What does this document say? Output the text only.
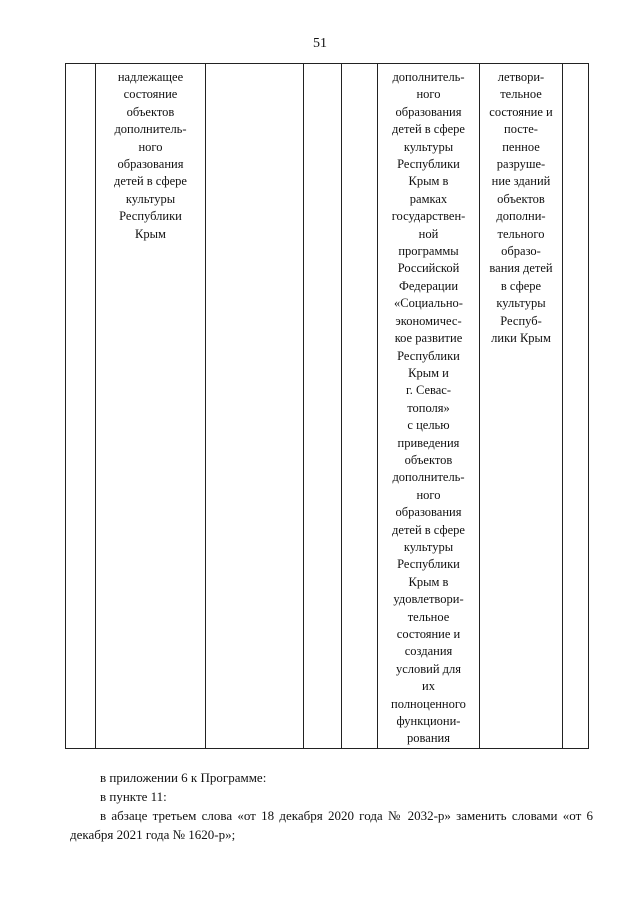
51

надлежащее
состояние
объектов
дополнитель-
ного
образования
детей в сфере
культуры
Республики
Крым

дополнитель-
ного
образования
детей в сфере
культуры
Республики
Крым в
рамках
государствен-
ной
программы
Российской
Федерации
«Социально-
экономичес-
кое развитие
Республики
Крым и
г. Севас-
тополя»
с целью
приведения
объектов
дополнитель-
ного
образования
детей в сфере
культуры
Республики
Крым в
удовлетвори-
тельное
состояние и
создания
условий для
их
полноценного
функциони-
рования

летвори-
тельное
состояние и
посте-
пенное
разруше-
ние зданий
объектов
дополни-
тельного
образо-
вания детей
в сфере
культуры
Респуб-
лики Крым

в приложении 6 к Программе:

в пункте 11:

в абзаце третьем слова «от 18 декабря 2020 года № 2032-р» заменить словами «от 6 декабря 2021 года № 1620-р»;
